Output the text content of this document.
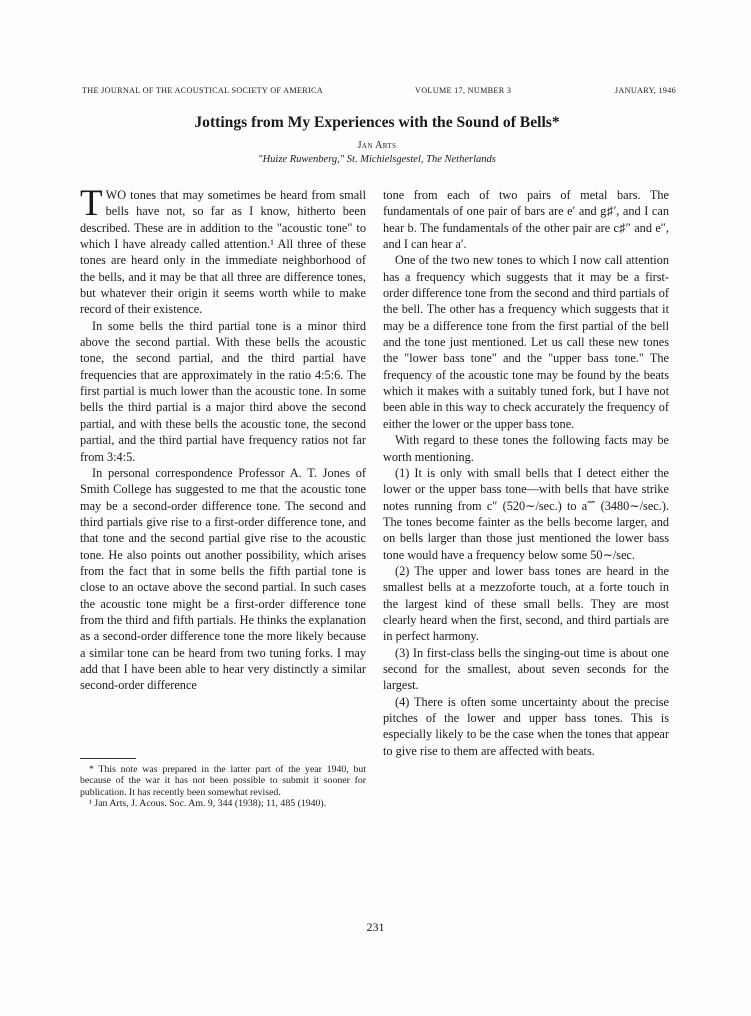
THE JOURNAL OF THE ACOUSTICAL SOCIETY OF AMERICA	VOLUME 17, NUMBER 3	JANUARY, 1946
Jottings from My Experiences with the Sound of Bells*
Jan Arts
"Huize Ruwenberg," St. Michielsgestel, The Netherlands

TWO tones that may sometimes be heard from small bells have not, so far as I know, hitherto been described. These are in addition to the "acoustic tone" to which I have already called attention.¹ All three of these tones are heard only in the immediate neighborhood of the bells, and it may be that all three are difference tones, but whatever their origin it seems worth while to make record of their existence.

In some bells the third partial tone is a minor third above the second partial. With these bells the acoustic tone, the second partial, and the third partial have frequencies that are approximately in the ratio 4:5:6. The first partial is much lower than the acoustic tone. In some bells the third partial is a major third above the second partial, and with these bells the acoustic tone, the second partial, and the third partial have frequency ratios not far from 3:4:5.

In personal correspondence Professor A. T. Jones of Smith College has suggested to me that the acoustic tone may be a second-order difference tone. The second and third partials give rise to a first-order difference tone, and that tone and the second partial give rise to the acoustic tone. He also points out another possibility, which arises from the fact that in some bells the fifth partial tone is close to an octave above the second partial. In such cases the acoustic tone might be a first-order difference tone from the third and fifth partials. He thinks the explanation as a second-order difference tone the more likely because a similar tone can be heard from two tuning forks. I may add that I have been able to hear very distinctly a similar second-order difference

tone from each of two pairs of metal bars. The fundamentals of one pair of bars are e′ and g♯′, and I can hear b. The fundamentals of the other pair are c♯″ and e″, and I can hear a′.

One of the two new tones to which I now call attention has a frequency which suggests that it may be a first-order difference tone from the second and third partials of the bell. The other has a frequency which suggests that it may be a difference tone from the first partial of the bell and the tone just mentioned. Let us call these new tones the "lower bass tone" and the "upper bass tone." The frequency of the acoustic tone may be found by the beats which it makes with a suitably tuned fork, but I have not been able in this way to check accurately the frequency of either the lower or the upper bass tone.

With regard to these tones the following facts may be worth mentioning.

(1) It is only with small bells that I detect either the lower or the upper bass tone—with bells that have strike notes running from c″ (520∼/sec.) to a⁗ (3480∼/sec.). The tones become fainter as the bells become larger, and on bells larger than those just mentioned the lower bass tone would have a frequency below some 50∼/sec.

(2) The upper and lower bass tones are heard in the smallest bells at a mezzoforte touch, at a forte touch in the largest kind of these small bells. They are most clearly heard when the first, second, and third partials are in perfect harmony.

(3) In first-class bells the singing-out time is about one second for the smallest, about seven seconds for the largest.

(4) There is often some uncertainty about the precise pitches of the lower and upper bass tones. This is especially likely to be the case when the tones that appear to give rise to them are affected with beats.

* This note was prepared in the latter part of the year 1940, but because of the war it has not been possible to submit it sooner for publication. It has recently been somewhat revised.

¹ Jan Arts, J. Acous. Soc. Am. 9, 344 (1938); 11, 485 (1940).

231
